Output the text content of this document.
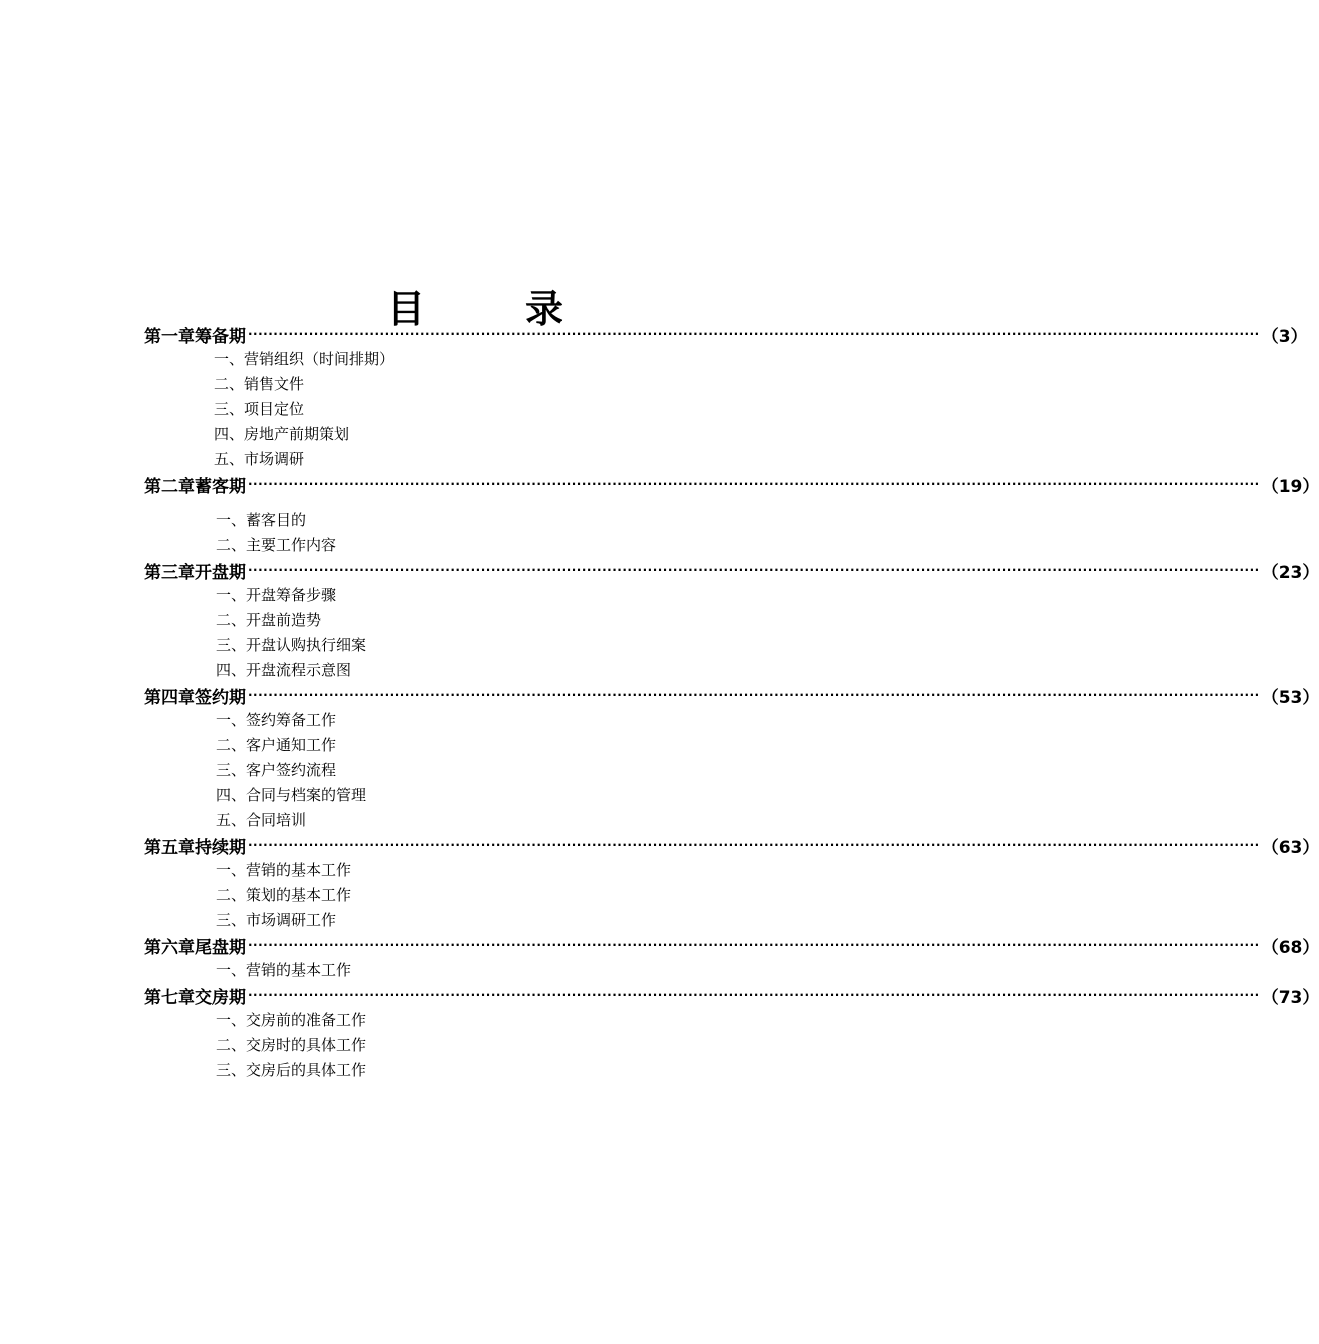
目	录
第一章 筹备期 ········································································································································································································ （3）
一、营销组织（时间排期）
二、销售文件
三、项目定位
四、房地产前期策划
五、市场调研
第二章 蓄客期 ········································································································································································································ （19）
一、蓄客目的
二、主要工作内容
第三章 开盘期 ········································································································································································································ （23）
一、开盘筹备步骤
二、开盘前造势
三、开盘认购执行细案
四、开盘流程示意图
第四章 签约期 ········································································································································································································ （53）
一、签约筹备工作
二、客户通知工作
三、客户签约流程
四、合同与档案的管理
五、合同培训
第五章 持续期 ········································································································································································································ （63）
一、营销的基本工作
二、策划的基本工作
三、市场调研工作
第六章 尾盘期 ········································································································································································································ （68）
一、营销的基本工作
第七章 交房期 ········································································································································································································ （73）
一、交房前的准备工作
二、交房时的具体工作
三、交房后的具体工作
